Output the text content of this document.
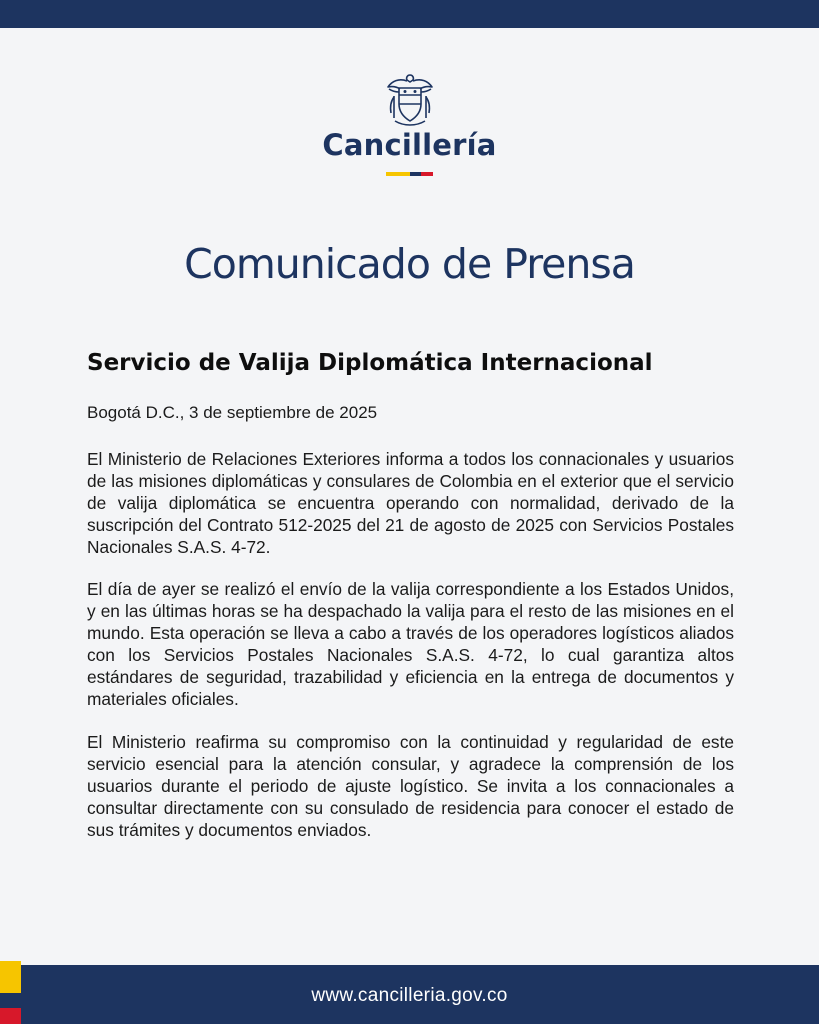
Cancillería
Comunicado de Prensa
Servicio de Valija Diplomática Internacional
Bogotá D.C., 3 de septiembre de 2025

El Ministerio de Relaciones Exteriores informa a todos los connacionales y usuarios de las misiones diplomáticas y consulares de Colombia en el exterior que el servicio de valija diplomática se encuentra operando con normalidad, derivado de la suscripción del Contrato 512-2025 del 21 de agosto de 2025 con Servicios Postales Nacionales S.A.S. 4-72.

El día de ayer se realizó el envío de la valija correspondiente a los Estados Unidos, y en las últimas horas se ha despachado la valija para el resto de las misiones en el mundo. Esta operación se lleva a cabo a través de los operadores logísticos aliados con los Servicios Postales Nacionales S.A.S. 4-72, lo cual garantiza altos estándares de seguridad, trazabilidad y eficiencia en la entrega de documentos y materiales oficiales.

El Ministerio reafirma su compromiso con la continuidad y regularidad de este servicio esencial para la atención consular, y agradece la comprensión de los usuarios durante el periodo de ajuste logístico. Se invita a los connacionales a consultar directamente con su consulado de residencia para conocer el estado de sus trámites y documentos enviados.

www.cancilleria.gov.co
